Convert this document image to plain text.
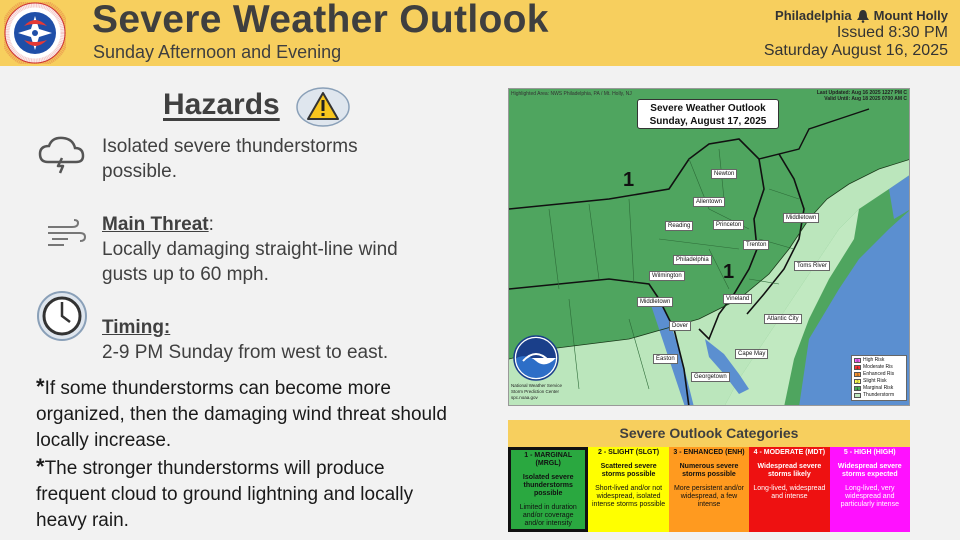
Severe Weather Outlook
Sunday Afternoon and Evening
Philadelphia Mount Holly
Issued 8:30 PM
Saturday August 16, 2025
Hazards
Isolated severe thunderstorms possible.
Main Threat:
Locally damaging straight-line wind gusts up to 60 mph.
Timing:
2-9 PM Sunday from west to east.
*If some thunderstorms can become more organized, then the damaging wind threat should locally increase.
*The stronger thunderstorms will produce frequent cloud to ground lightning and locally heavy rain.
Highlighted Area: NWS Philadelphia, PA / Mt. Holly, NJ	Last Updated: Aug 16 2025 1227 PM C
Valid Until: Aug 18 2025 0700 AM C
Severe Weather Outlook
Sunday, August 17, 2025
1
1
Newton
Allentown
Reading	Princeton
Middletown
Trenton
Philadelphia
Toms River
Wilmington
Vineland
Middletown
Atlantic City
Dover
Cape May
Easton
Georgetown
National Weather Service
Storm Prediction Center
spc.noaa.gov
5 High Risk
4 Moderate Ris
3 Enhanced Ris
2 Slight Risk
1 Marginal Risk
Thunderstorm
Severe Outlook Categories
1 - MARGINAL (MRGL)
Isolated severe thunderstorms possible
Limited in duration and/or coverage and/or intensity
2 - SLIGHT (SLGT)
Scattered severe storms possible
Short-lived and/or not widespread, isolated intense storms possible
3 - ENHANCED (ENH)
Numerous severe storms possible
More persistent and/or widespread, a few intense
4 - MODERATE (MDT)
Widespread severe storms likely
Long-lived, widespread and intense
5 - HIGH (HIGH)
Widespread severe storms expected
Long-lived, very widespread and particularly intense
